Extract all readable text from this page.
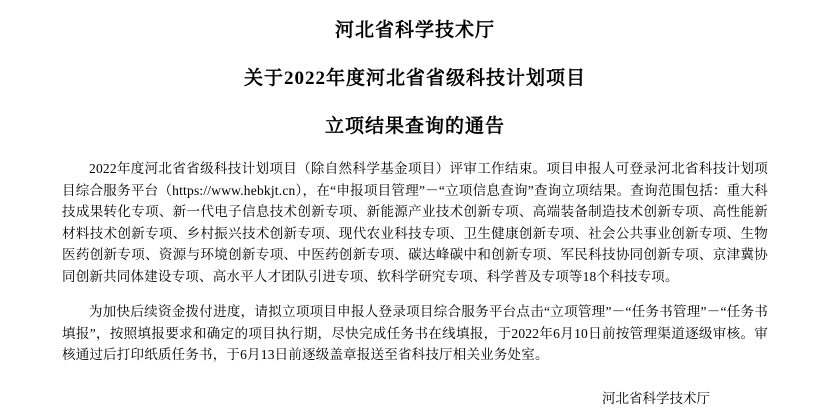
河北省科学技术厅
关于2022年度河北省省级科技计划项目
立项结果查询的通告

2022年度河北省省级科技计划项目（除自然科学基金项目）评审工作结束。项目申报人可登录河北省科技计划项目综合服务平台（https://www.hebkjt.cn），在“申报项目管理”－“立项信息查询”查询立项结果。查询范围包括：重大科技成果转化专项、新一代电子信息技术创新专项、新能源产业技术创新专项、高端装备制造技术创新专项、高性能新材料技术创新专项、乡村振兴技术创新专项、现代农业科技专项、卫生健康创新专项、社会公共事业创新专项、生物医药创新专项、资源与环境创新专项、中医药创新专项、碳达峰碳中和创新专项、军民科技协同创新专项、京津冀协同创新共同体建设专项、高水平人才团队引进专项、软科学研究专项、科学普及专项等18个科技专项。

为加快后续资金拨付进度，请拟立项项目申报人登录项目综合服务平台点击“立项管理”－“任务书管理”－“任务书填报”，按照填报要求和确定的项目执行期，尽快完成任务书在线填报，于2022年6月10日前按管理渠道逐级审核。审核通过后打印纸质任务书，于6月13日前逐级盖章报送至省科技厅相关业务处室。

河北省科学技术厅
